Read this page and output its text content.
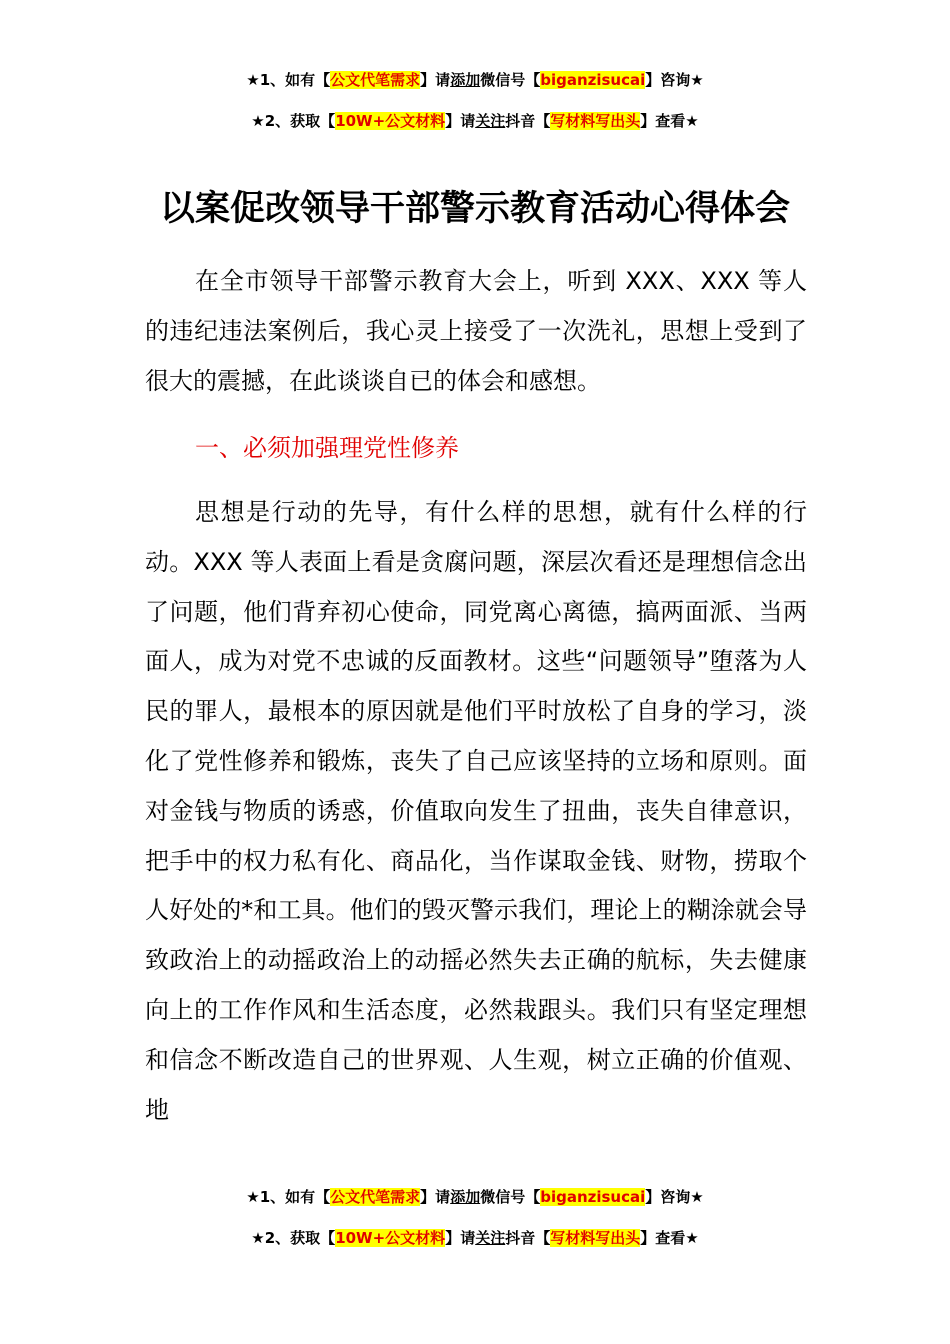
★1、如有【公文代笔需求】请添加微信号【biganzisucai】咨询★
★2、获取【10W+公文材料】请关注抖音【写材料写出头】查看★
以案促改领导干部警示教育活动心得体会

在全市领导干部警示教育大会上，听到 XXX、XXX 等人的违纪违法案例后，我心灵上接受了一次洗礼，思想上受到了很大的震撼，在此谈谈自已的体会和感想。

一、必须加强理党性修养

思想是行动的先导，有什么样的思想，就有什么样的行动。XXX 等人表面上看是贪腐问题，深层次看还是理想信念出了问题，他们背弃初心使命，同党离心离德，搞两面派、当两面人，成为对党不忠诚的反面教材。这些“问题领导”堕落为人民的罪人，最根本的原因就是他们平时放松了自身的学习，淡化了党性修养和锻炼，丧失了自己应该坚持的立场和原则。面对金钱与物质的诱惑，价值取向发生了扭曲，丧失自律意识，把手中的权力私有化、商品化，当作谋取金钱、财物，捞取个人好处的*和工具。他们的毁灭警示我们，理论上的糊涂就会导致政治上的动摇政治上的动摇必然失去正确的航标，失去健康向上的工作作风和生活态度，必然栽跟头。我们只有坚定理想和信念不断改造自己的世界观、人生观，树立正确的价值观、地

★1、如有【公文代笔需求】请添加微信号【biganzisucai】咨询★
★2、获取【10W+公文材料】请关注抖音【写材料写出头】查看★
